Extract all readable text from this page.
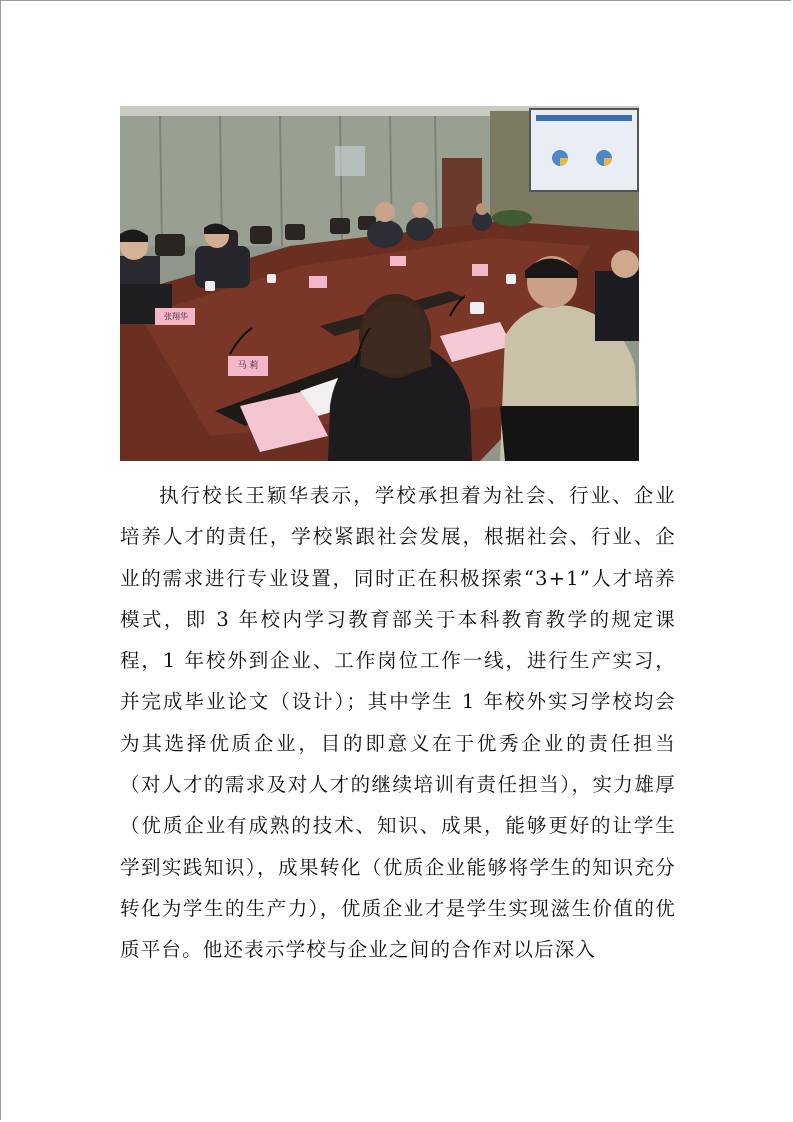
张翔华
马 莉

执行校长王颖华表示，学校承担着为社会、行业、企业培养人才的责任，学校紧跟社会发展，根据社会、行业、企业的需求进行专业设置，同时正在积极探索“3+1”人才培养模式，即 3 年校内学习教育部关于本科教育教学的规定课程，1 年校外到企业、工作岗位工作一线，进行生产实习，并完成毕业论文（设计）；其中学生 1 年校外实习学校均会为其选择优质企业，目的即意义在于优秀企业的责任担当（对人才的需求及对人才的继续培训有责任担当），实力雄厚（优质企业有成熟的技术、知识、成果，能够更好的让学生学到实践知识），成果转化（优质企业能够将学生的知识充分转化为学生的生产力），优质企业才是学生实现滋生价值的优质平台。他还表示学校与企业之间的合作对以后深入
